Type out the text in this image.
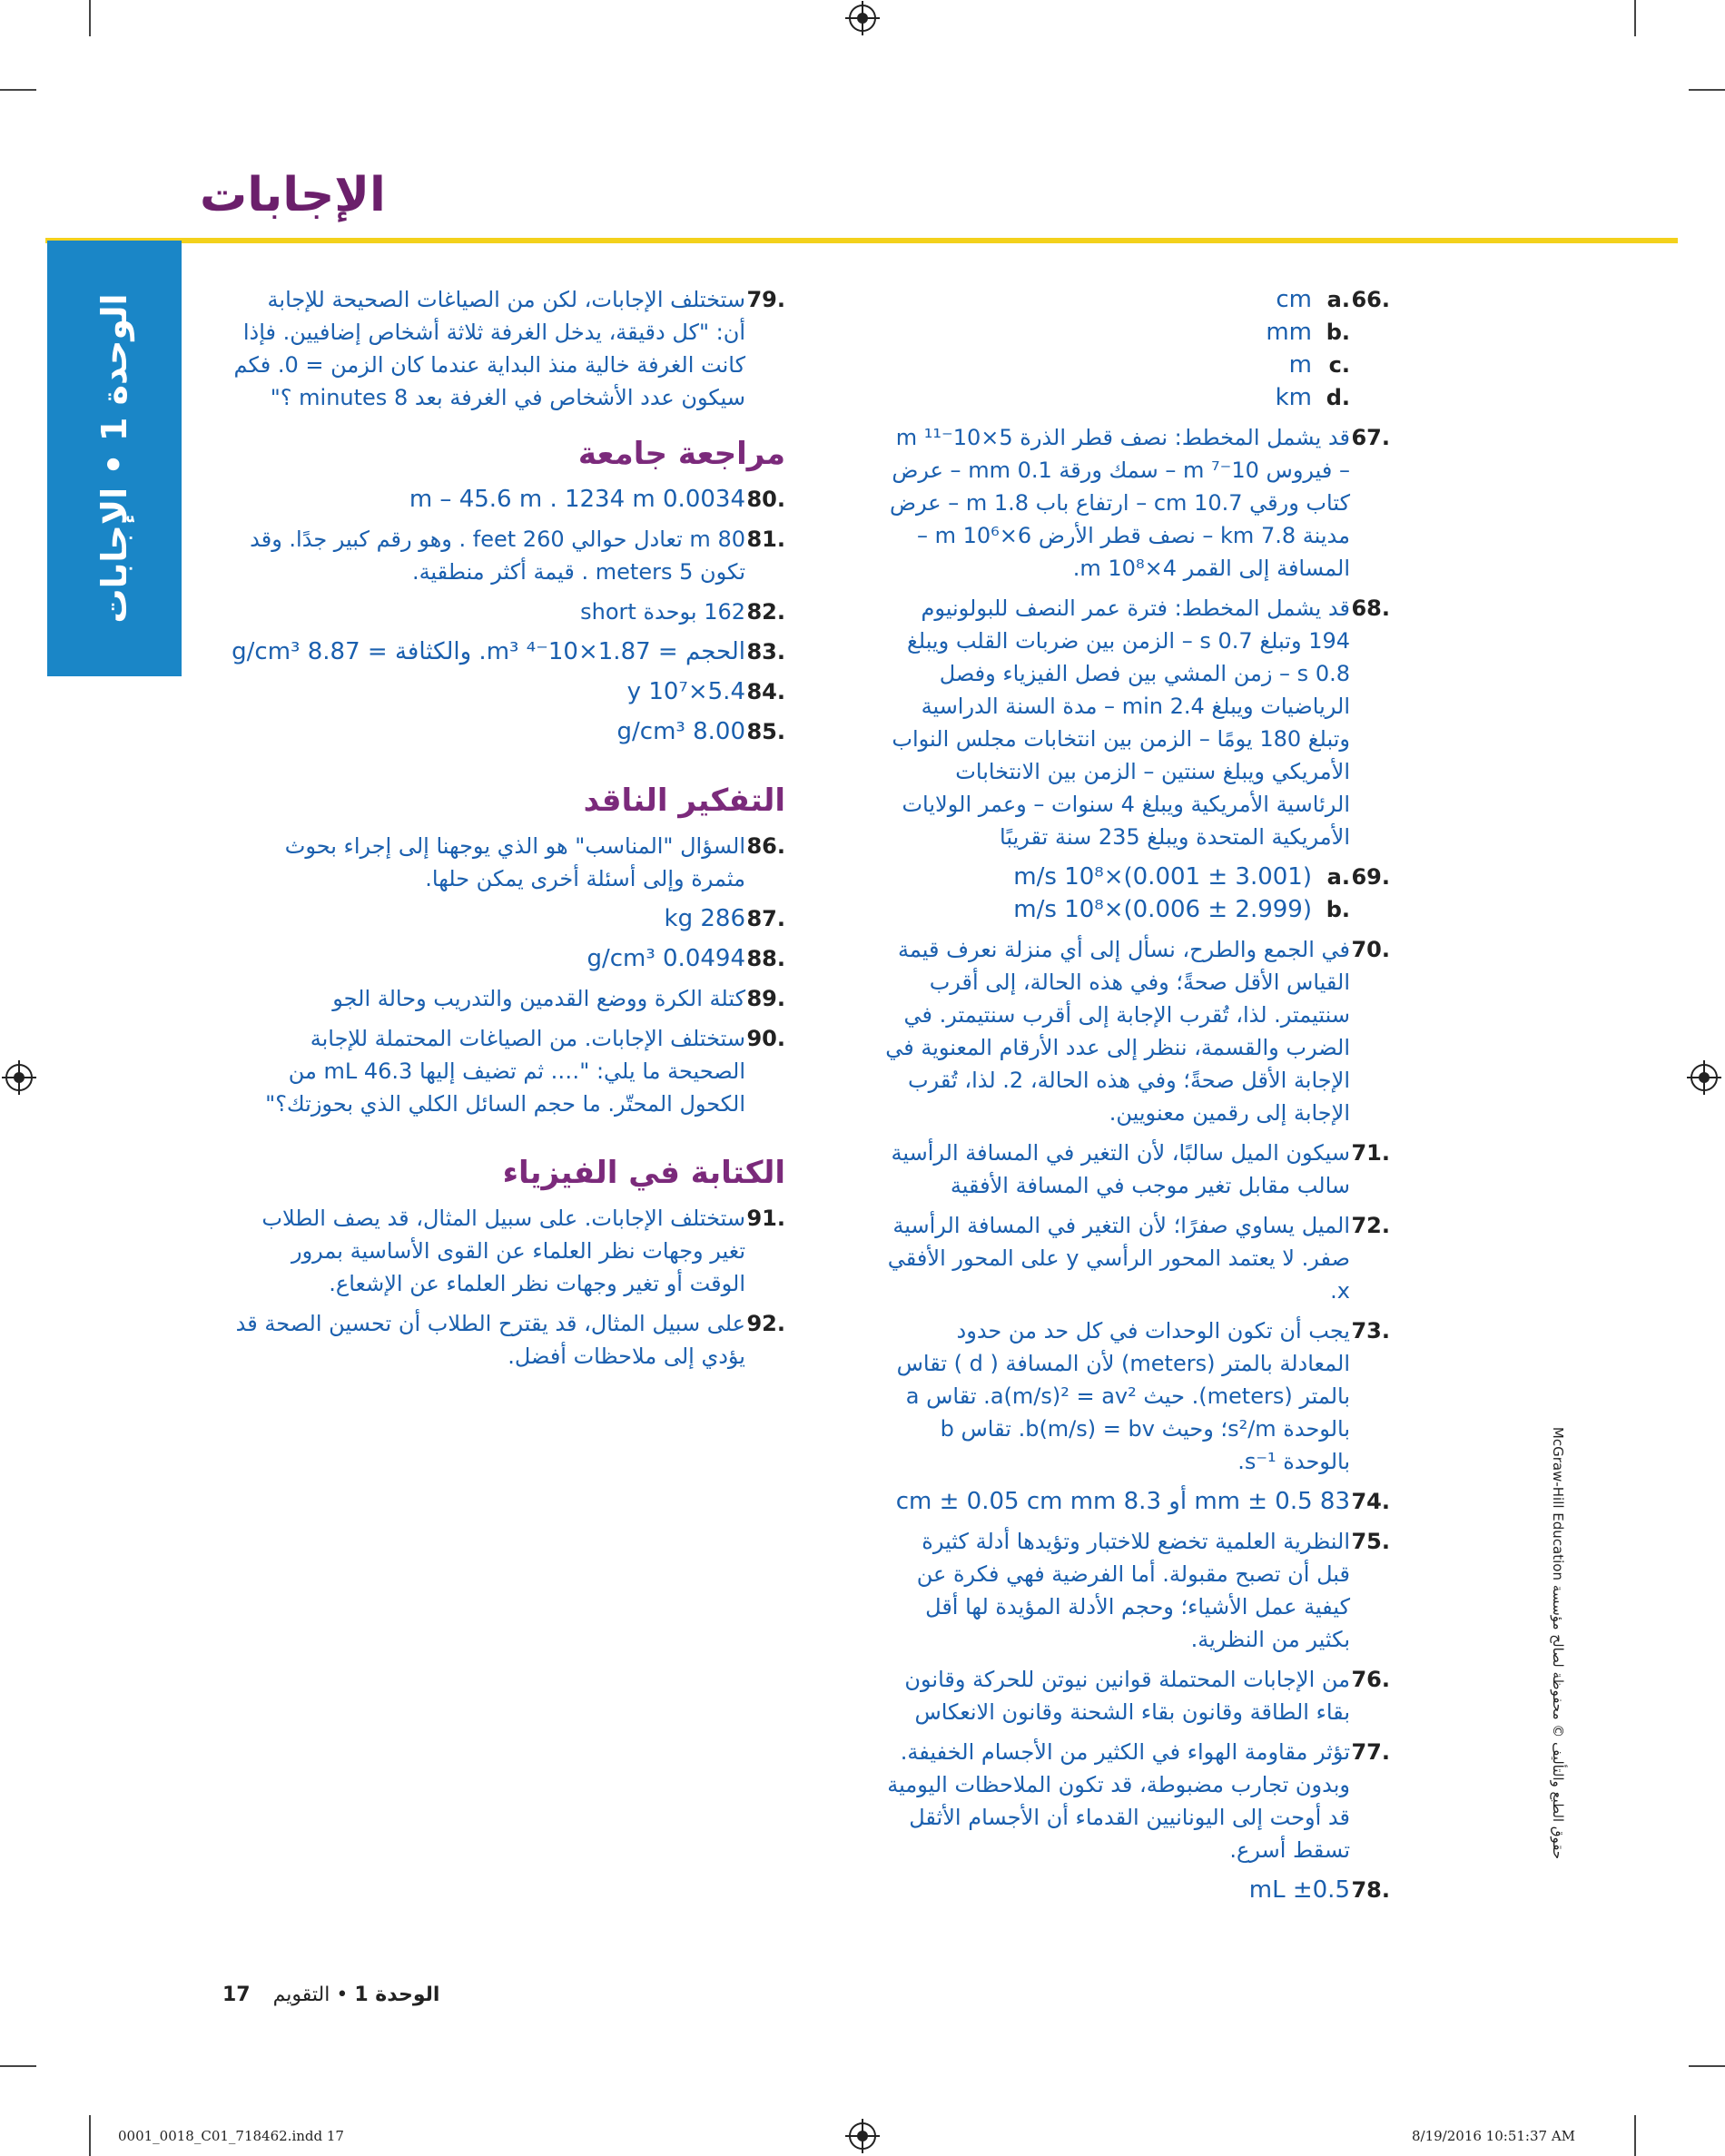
الإجابات
الوحدة 1 • الإجابات
حقوق الطبع والتأليف © محفوظة لصالح مؤسسة McGraw-Hill Education
.66
.a
cm
.b
mm
.c
m
.d
km
.67
قد يشمل المخطط: نصف قطر الذرة 5×10⁻¹¹ m – فيروس 10⁻⁷ m – سمك ورقة 0.1 mm – عرض كتاب ورقي 10.7 cm – ارتفاع باب 1.8 m – عرض مدينة 7.8 km – نصف قطر الأرض 6×10⁶ m – المسافة إلى القمر 4×10⁸ m.
.68
قد يشمل المخطط: فترة عمر النصف للبولونيوم 194 وتبلغ 0.7 s – الزمن بين ضربات القلب ويبلغ 0.8 s – زمن المشي بين فصل الفيزياء وفصل الرياضيات ويبلغ 2.4 min – مدة السنة الدراسية وتبلغ 180 يومًا – الزمن بين انتخابات مجلس النواب الأمريكي ويبلغ سنتين – الزمن بين الانتخابات الرئاسية الأمريكية ويبلغ 4 سنوات – وعمر الولايات الأمريكية المتحدة ويبلغ 235 سنة تقريبًا
.69
.a
(3.001 ± 0.001)×10⁸ m/s
.b
(2.999 ± 0.006)×10⁸ m/s
.70
في الجمع والطرح، نسأل إلى أي منزلة نعرف قيمة القياس الأقل صحةً؛ وفي هذه الحالة، إلى أقرب سنتيمتر. لذا، تُقرب الإجابة إلى أقرب سنتيمتر. في الضرب والقسمة، ننظر إلى عدد الأرقام المعنوية في الإجابة الأقل صحةً؛ وفي هذه الحالة، 2. لذا، تُقرب الإجابة إلى رقمين معنويين.
.71
سيكون الميل سالبًا، لأن التغير في المسافة الرأسية سالب مقابل تغير موجب في المسافة الأفقية
.72
الميل يساوي صفرًا؛ لأن التغير في المسافة الرأسية صفر. لا يعتمد المحور الرأسي y على المحور الأفقي x.
.73
يجب أن تكون الوحدات في كل حد من حدود المعادلة بالمتر (meters) لأن المسافة ( d ) تقاس بالمتر (meters). حيث a(m/s)² = av². تقاس a بالوحدة s²/m؛ وحيث b(m/s) = bv. تقاس b بالوحدة s⁻¹.
.74
83 mm ± 0.5 أو 8.3 cm ± 0.05 cm mm
.75
النظرية العلمية تخضع للاختبار وتؤيدها أدلة كثيرة قبل أن تصبح مقبولة. أما الفرضية فهي فكرة عن كيفية عمل الأشياء؛ وحجم الأدلة المؤيدة لها أقل بكثير من النظرية.
.76
من الإجابات المحتملة قوانين نيوتن للحركة وقانون بقاء الطاقة وقانون بقاء الشحنة وقانون الانعكاس
.77
تؤثر مقاومة الهواء في الكثير من الأجسام الخفيفة. وبدون تجارب مضبوطة، قد تكون الملاحظات اليومية قد أوحت إلى اليونانيين القدماء أن الأجسام الأثقل تسقط أسرع.
.78
±0.5 mL
.79
ستختلف الإجابات، لكن من الصياغات الصحيحة للإجابة أن: "كل دقيقة، يدخل الغرفة ثلاثة أشخاص إضافيين. فإذا كانت الغرفة خالية منذ البداية عندما كان الزمن = 0. فكم سيكون عدد الأشخاص في الغرفة بعد 8 minutes ؟"
مراجعة جامعة
.80
0.0034 m – 45.6 m . 1234 m
.81
80 m تعادل حوالي 260 feet . وهو رقم كبير جدًا. وقد تكون 5 meters . قيمة أكثر منطقية.
.82
162 بوحدة short
.83
الحجم = 1.87×10⁻⁴ m³. والكثافة = 8.87 g/cm³
.84
5.4×10⁷ y
.85
8.00 g/cm³
التفكير الناقد
.86
السؤال "المناسب" هو الذي يوجهنا إلى إجراء بحوث مثمرة وإلى أسئلة أخرى يمكن حلها.
.87
286 kg
.88
0.0494 g/cm³
.89
كتلة الكرة ووضع القدمين والتدريب وحالة الجو
.90
ستختلف الإجابات. من الصياغات المحتملة للإجابة الصحيحة ما يلي: "…. ثم تضيف إليها 46.3 mL من الكحول المحتّر. ما حجم السائل الكلي الذي بحوزتك؟"
الكتابة في الفيزياء
.91
ستختلف الإجابات. على سبيل المثال، قد يصف الطلاب تغير وجهات نظر العلماء عن القوى الأساسية بمرور الوقت أو تغير وجهات نظر العلماء عن الإشعاع.
.92
على سبيل المثال، قد يقترح الطلاب أن تحسين الصحة قد يؤدي إلى ملاحظات أفضل.
الوحدة 1 • التقويم 17
0001_0018_C01_718462.indd 17	8/19/2016 10:51:37 AM
